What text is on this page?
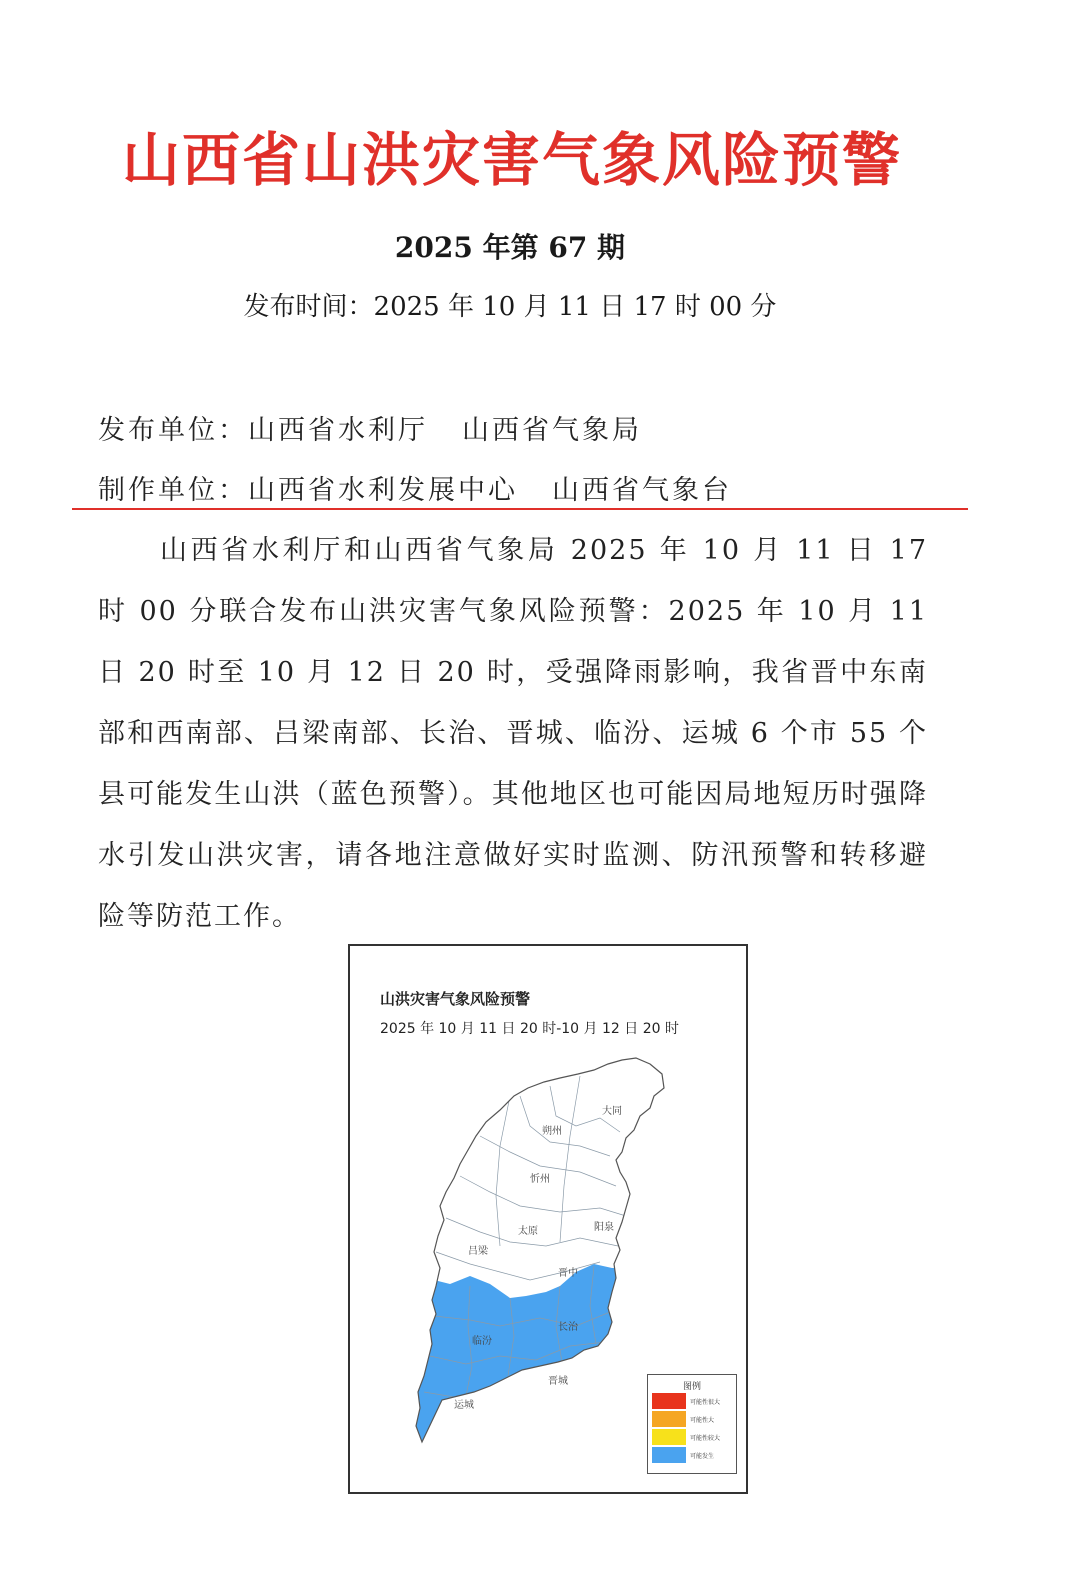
山西省山洪灾害气象风险预警
2025 年第 67 期
发布时间：2025 年 10 月 11 日 17 时 00 分
发布单位：山西省水利厅 山西省气象局
制作单位：山西省水利发展中心 山西省气象台
山西省水利厅和山西省气象局 2025 年 10 月 11 日 17 时 00 分联合发布山洪灾害气象风险预警：2025 年 10 月 11 日 20 时至 10 月 12 日 20 时，受强降雨影响，我省晋中东南部和西南部、吕梁南部、长治、晋城、临汾、运城 6 个市 55 个县可能发生山洪（蓝色预警）。其他地区也可能因局地短历时强降水引发山洪灾害，请各地注意做好实时监测、防汛预警和转移避险等防范工作。
山洪灾害气象风险预警
2025 年 10 月 11 日 20 时-10 月 12 日 20 时
大同
朔州
忻州
太原	阳泉
吕梁
晋中
临汾
长治
晋城
运城
图例
可能性很大
可能性大
可能性较大
可能发生
